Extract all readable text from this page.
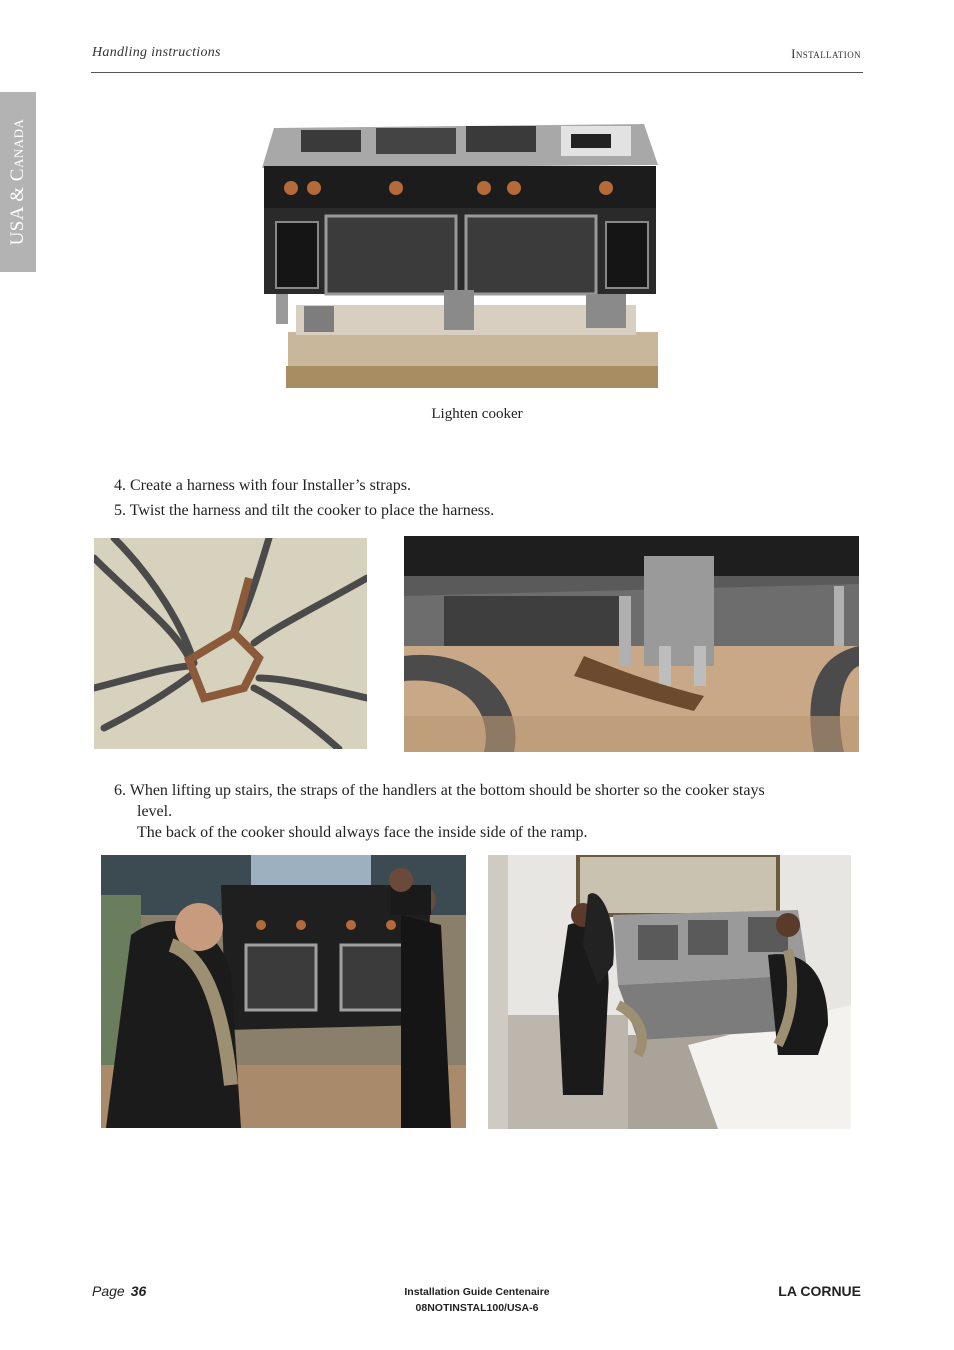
Handling instructions	Installation
USA & Canada
Lighten cooker
4. Create a harness with four Installer’s straps.
5. Twist the harness and tilt the cooker to place the harness.
6. When lifting up stairs, the straps of the handlers at the bottom should be shorter so the cooker stays
level.
The back of the cooker should always face the inside side of the ramp.
Page 36	Installation Guide Centenaire
08NOTINSTAL100/USA-6
LA CORNUE
